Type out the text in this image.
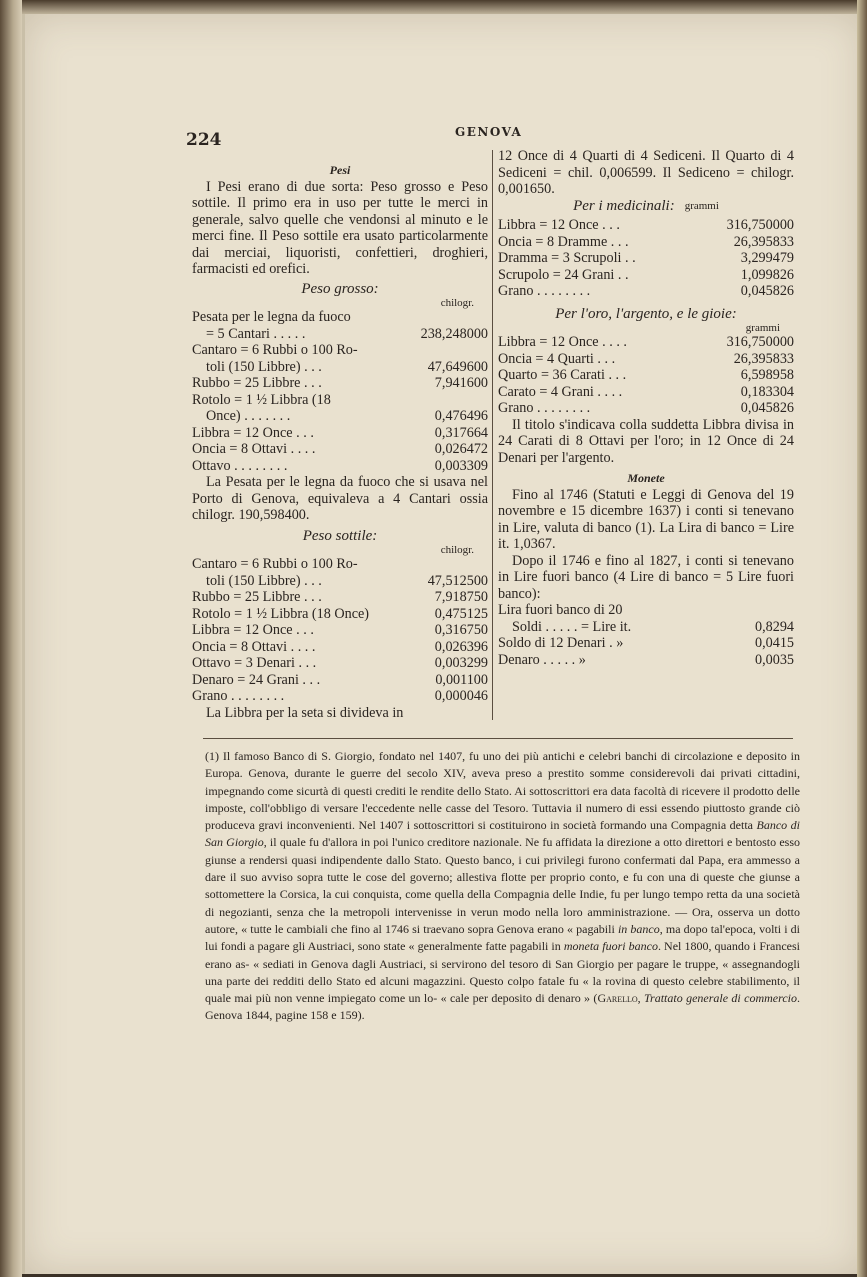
224	GENOVA
Pesi

I Pesi erano di due sorta: Peso grosso e Peso sottile. Il primo era in uso per tutte le merci in generale, salvo quelle che vendonsi al minuto e le merci fine. Il Peso sottile era usato particolarmente dai merciai, liquoristi, confettieri, droghieri, farmacisti ed orefici.

Peso grosso:
chilogr.
Pesata per le legna da fuoco
= 5 Cantari . . . . .	238,248000
Cantaro = 6 Rubbi o 100 Ro-
toli (150 Libbre) . . .	47,649600
Rubbo = 25 Libbre . . .	7,941600
Rotolo = 1 ½ Libbra (18
Once) . . . . . . .	0,476496
Libbra = 12 Once . . .	0,317664
Oncia = 8 Ottavi . . . .	0,026472
Ottavo . . . . . . . .	0,003309

La Pesata per le legna da fuoco che si usava nel Porto di Genova, equivaleva a 4 Cantari ossia chilogr. 190,598400.

Peso sottile:
chilogr.
Cantaro = 6 Rubbi o 100 Ro-
toli (150 Libbre) . . .	47,512500
Rubbo = 25 Libbre . . .	7,918750
Rotolo = 1 ½ Libbra (18 Once)	0,475125
Libbra = 12 Once . . .	0,316750
Oncia = 8 Ottavi . . . .	0,026396
Ottavo = 3 Denari . . .	0,003299
Denaro = 24 Grani . . .	0,001100
Grano . . . . . . . .	0,000046

La Libbra per la seta si divideva in

12 Once di 4 Quarti di 4 Sediceni. Il Quarto di 4 Sediceni = chil. 0,006599. Il Sediceno = chilogr. 0,001650.

Per i medicinali: grammi
Libbra = 12 Once . . .	316,750000
Oncia = 8 Dramme . . .	26,395833
Dramma = 3 Scrupoli . .	3,299479
Scrupolo = 24 Grani . .	1,099826
Grano . . . . . . . .	0,045826
Per l'oro, l'argento, e le gioie:
grammi
Libbra = 12 Once . . . .	316,750000
Oncia = 4 Quarti . . .	26,395833
Quarto = 36 Carati . . .	6,598958
Carato = 4 Grani . . . .	0,183304
Grano . . . . . . . .	0,045826

Il titolo s'indicava colla suddetta Libbra divisa in 24 Carati di 8 Ottavi per l'oro; in 12 Once di 24 Denari per l'argento.

Monete

Fino al 1746 (Statuti e Leggi di Genova del 19 novembre e 15 dicembre 1637) i conti si tenevano in Lire, valuta di banco (1). La Lira di banco = Lire it. 1,0367.

Dopo il 1746 e fino al 1827, i conti si tenevano in Lire fuori banco (4 Lire di banco = 5 Lire fuori banco):

Lira fuori banco di 20
Soldi . . . . . = Lire it.	0,8294
Soldo di 12 Denari . »	0,0415
Denaro . . . . . »	0,0035
(1) Il famoso Banco di S. Giorgio, fondato nel 1407, fu uno dei più antichi e celebri banchi di circolazione e deposito in Europa. Genova, durante le guerre del secolo XIV, aveva preso a prestito somme considerevoli dai privati cittadini, impegnando come sicurtà di questi crediti le rendite dello Stato. Ai sottoscrittori era data facoltà di ricevere il prodotto delle imposte, coll'obbligo di versare l'eccedente nelle casse del Tesoro. Tuttavia il numero di essi essendo piuttosto grande ciò produceva gravi inconvenienti. Nel 1407 i sottoscrittori si costituirono in società formando una Compagnia detta Banco di San Giorgio, il quale fu d'allora in poi l'unico creditore nazionale. Ne fu affidata la direzione a otto direttori e bentosto esso giunse a rendersi quasi indipendente dallo Stato. Questo banco, i cui privilegi furono confermati dal Papa, era ammesso a dare il suo avviso sopra tutte le cose del governo; allestiva flotte per proprio conto, e fu con una di queste che giunse a sottomettere la Corsica, la cui conquista, come quella della Compagnia delle Indie, fu per lungo tempo retta da una società di negozianti, senza che la metropoli intervenisse in verun modo nella loro amministrazione. — Ora, osserva un dotto autore, « tutte le cambiali che fino al 1746 si traevano sopra Genova erano « pagabili in banco, ma dopo tal'epoca, volti i di lui fondi a pagare gli Austriaci, sono state « generalmente fatte pagabili in moneta fuori banco. Nel 1800, quando i Francesi erano as- « sediati in Genova dagli Austriaci, si servirono del tesoro di San Giorgio per pagare le truppe, « assegnandogli una parte dei redditi dello Stato ed alcuni magazzini. Questo colpo fatale fu « la rovina di questo celebre stabilimento, il quale mai più non venne impiegato come un lo- « cale per deposito di denaro » (Garello, Trattato generale di commercio. Genova 1844, pagine 158 e 159).
